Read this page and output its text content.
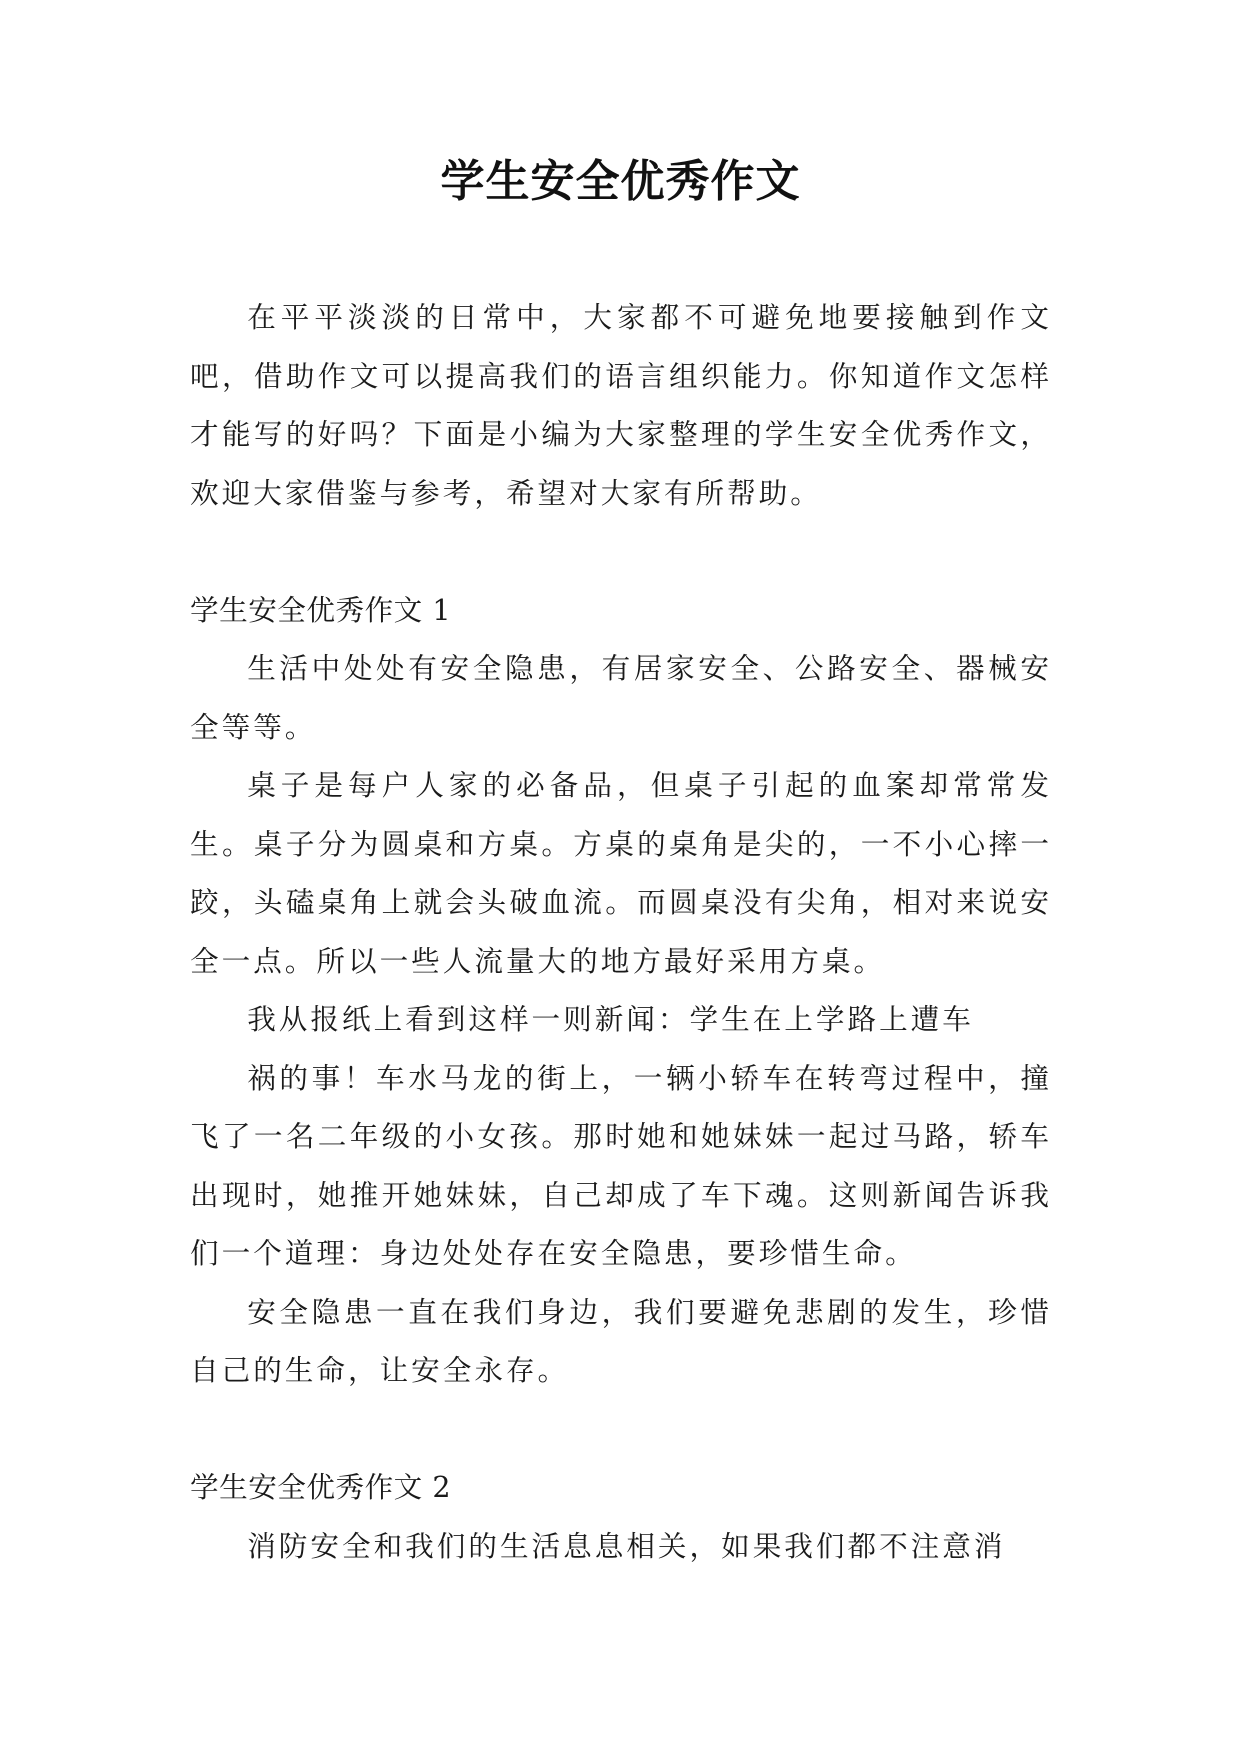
学生安全优秀作文

在平平淡淡的日常中，大家都不可避免地要接触到作文吧，借助作文可以提高我们的语言组织能力。你知道作文怎样才能写的好吗？下面是小编为大家整理的学生安全优秀作文，欢迎大家借鉴与参考，希望对大家有所帮助。

学生安全优秀作文 1

生活中处处有安全隐患，有居家安全、公路安全、器械安全等等。

桌子是每户人家的必备品，但桌子引起的血案却常常发生。桌子分为圆桌和方桌。方桌的桌角是尖的，一不小心摔一跤，头磕桌角上就会头破血流。而圆桌没有尖角，相对来说安全一点。所以一些人流量大的地方最好采用方桌。

我从报纸上看到这样一则新闻：学生在上学路上遭车

祸的事！车水马龙的街上，一辆小轿车在转弯过程中，撞飞了一名二年级的小女孩。那时她和她妹妹一起过马路，轿车出现时，她推开她妹妹，自己却成了车下魂。这则新闻告诉我们一个道理：身边处处存在安全隐患，要珍惜生命。

安全隐患一直在我们身边，我们要避免悲剧的发生，珍惜自己的生命，让安全永存。

学生安全优秀作文 2

消防安全和我们的生活息息相关，如果我们都不注意消
